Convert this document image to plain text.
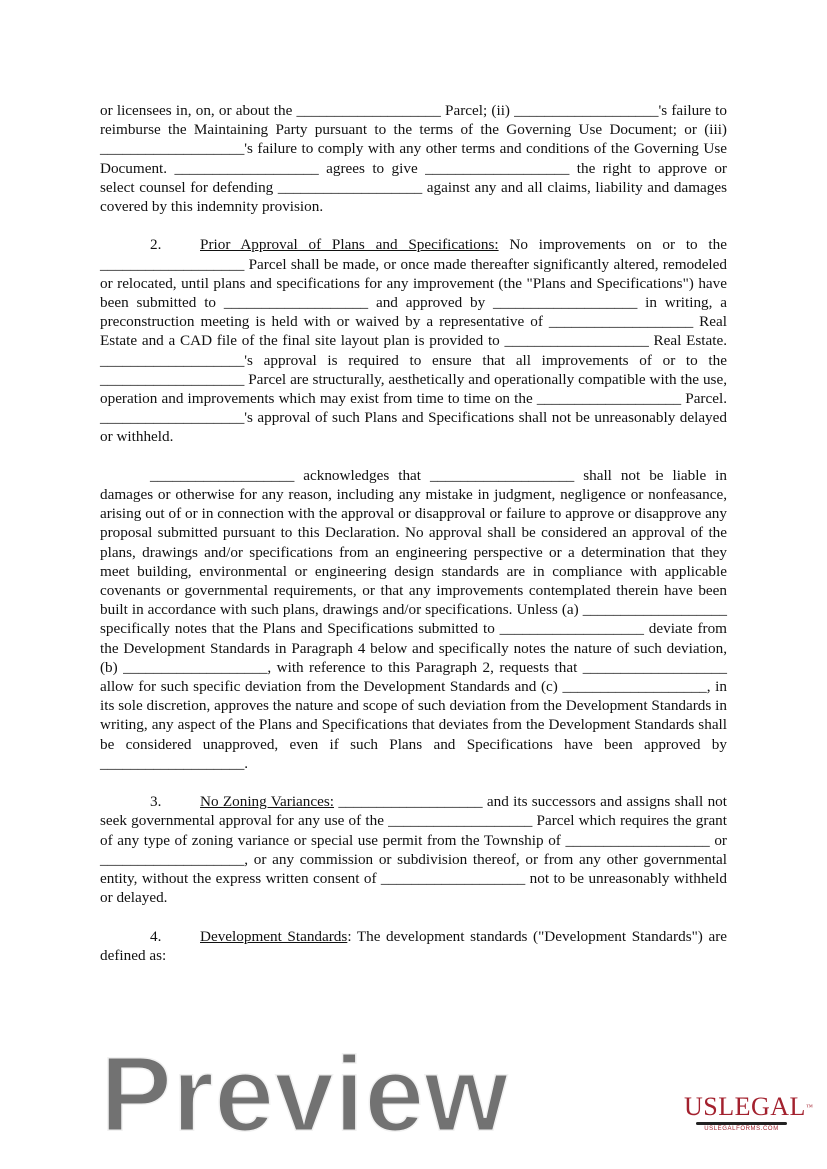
or licensees in, on, or about the ___________________ Parcel; (ii) ___________________'s failure to reimburse the Maintaining Party pursuant to the terms of the Governing Use Document; or (iii) ___________________'s failure to comply with any other terms and conditions of the Governing Use Document. ___________________ agrees to give ___________________ the right to approve or select counsel for defending ___________________ against any and all claims, liability and damages covered by this indemnity provision.

2.	Prior Approval of Plans and Specifications: No improvements on or to the ___________________ Parcel shall be made, or once made thereafter significantly altered, remodeled or relocated, until plans and specifications for any improvement (the "Plans and Specifications") have been submitted to ___________________ and approved by ___________________ in writing, a preconstruction meeting is held with or waived by a representative of ___________________ Real Estate and a CAD file of the final site layout plan is provided to ___________________ Real Estate. ___________________'s approval is required to ensure that all improvements of or to the ___________________ Parcel are structurally, aesthetically and operationally compatible with the use, operation and improvements which may exist from time to time on the ___________________ Parcel. ___________________'s approval of such Plans and Specifications shall not be unreasonably delayed or withheld.

___________________ acknowledges that ___________________ shall not be liable in damages or otherwise for any reason, including any mistake in judgment, negligence or nonfeasance, arising out of or in connection with the approval or disapproval or failure to approve or disapprove any proposal submitted pursuant to this Declaration. No approval shall be considered an approval of the plans, drawings and/or specifications from an engineering perspective or a determination that they meet building, environmental or engineering design standards are in compliance with applicable covenants or governmental requirements, or that any improvements contemplated therein have been built in accordance with such plans, drawings and/or specifications. Unless (a) ___________________ specifically notes that the Plans and Specifications submitted to ___________________ deviate from the Development Standards in Paragraph 4 below and specifically notes the nature of such deviation, (b) ___________________, with reference to this Paragraph 2, requests that ___________________ allow for such specific deviation from the Development Standards and (c) ___________________, in its sole discretion, approves the nature and scope of such deviation from the Development Standards in writing, any aspect of the Plans and Specifications that deviates from the Development Standards shall be considered unapproved, even if such Plans and Specifications have been approved by ___________________.

3.	No Zoning Variances: ___________________ and its successors and assigns shall not seek governmental approval for any use of the ___________________ Parcel which requires the grant of any type of zoning variance or special use permit from the Township of ___________________ or ___________________, or any commission or subdivision thereof, or from any other governmental entity, without the express written consent of ___________________ not to be unreasonably withheld or delayed.

4.	Development Standards: The development standards ("Development Standards") are defined as:

Preview	USLEGAL™
USLEGALFORMS.COM
